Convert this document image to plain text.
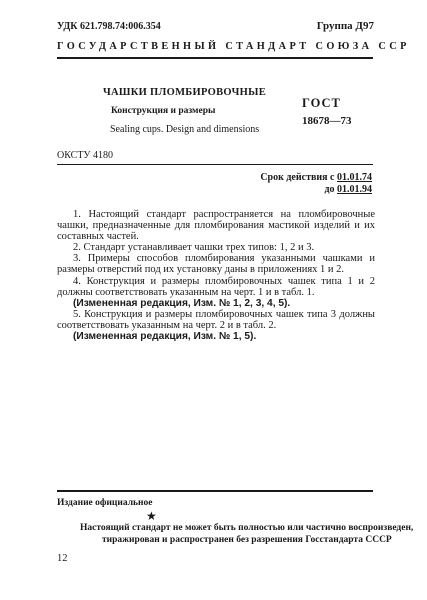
УДК 621.798.74:006.354	Группа Д97
ГОСУДАРСТВЕННЫЙ СТАНДАРТ СОЮЗА ССР
ЧАШКИ ПЛОМБИРОВОЧНЫЕ
Конструкция и размеры
Sealing cups. Design and dimensions
ГОСТ
18678—73
ОКСТУ 4180
Срок действия с 01.01.74
до 01.01.94

1. Настоящий стандарт распространяется на пломбировочные чашки, предназначенные для пломбирования мастикой изделий и их составных частей.

2. Стандарт устанавливает чашки трех типов: 1, 2 и 3.

3. Примеры способов пломбирования указанными чашками и размеры отверстий под их установку даны в приложениях 1 и 2.

4. Конструкция и размеры пломбировочных чашек типа 1 и 2 должны соответствовать указанным на черт. 1 и в табл. 1.

(Измененная редакция, Изм. № 1, 2, 3, 4, 5).

5. Конструкция и размеры пломбировочных чашек типа 3 должны соответствовать указанным на черт. 2 и в табл. 2.

(Измененная редакция, Изм. № 1, 5).

Издание официальное
★
Настоящий стандарт не может быть полностью или частично воспроизведен,
тиражирован и распространен без разрешения Госстандарта СССР
12
